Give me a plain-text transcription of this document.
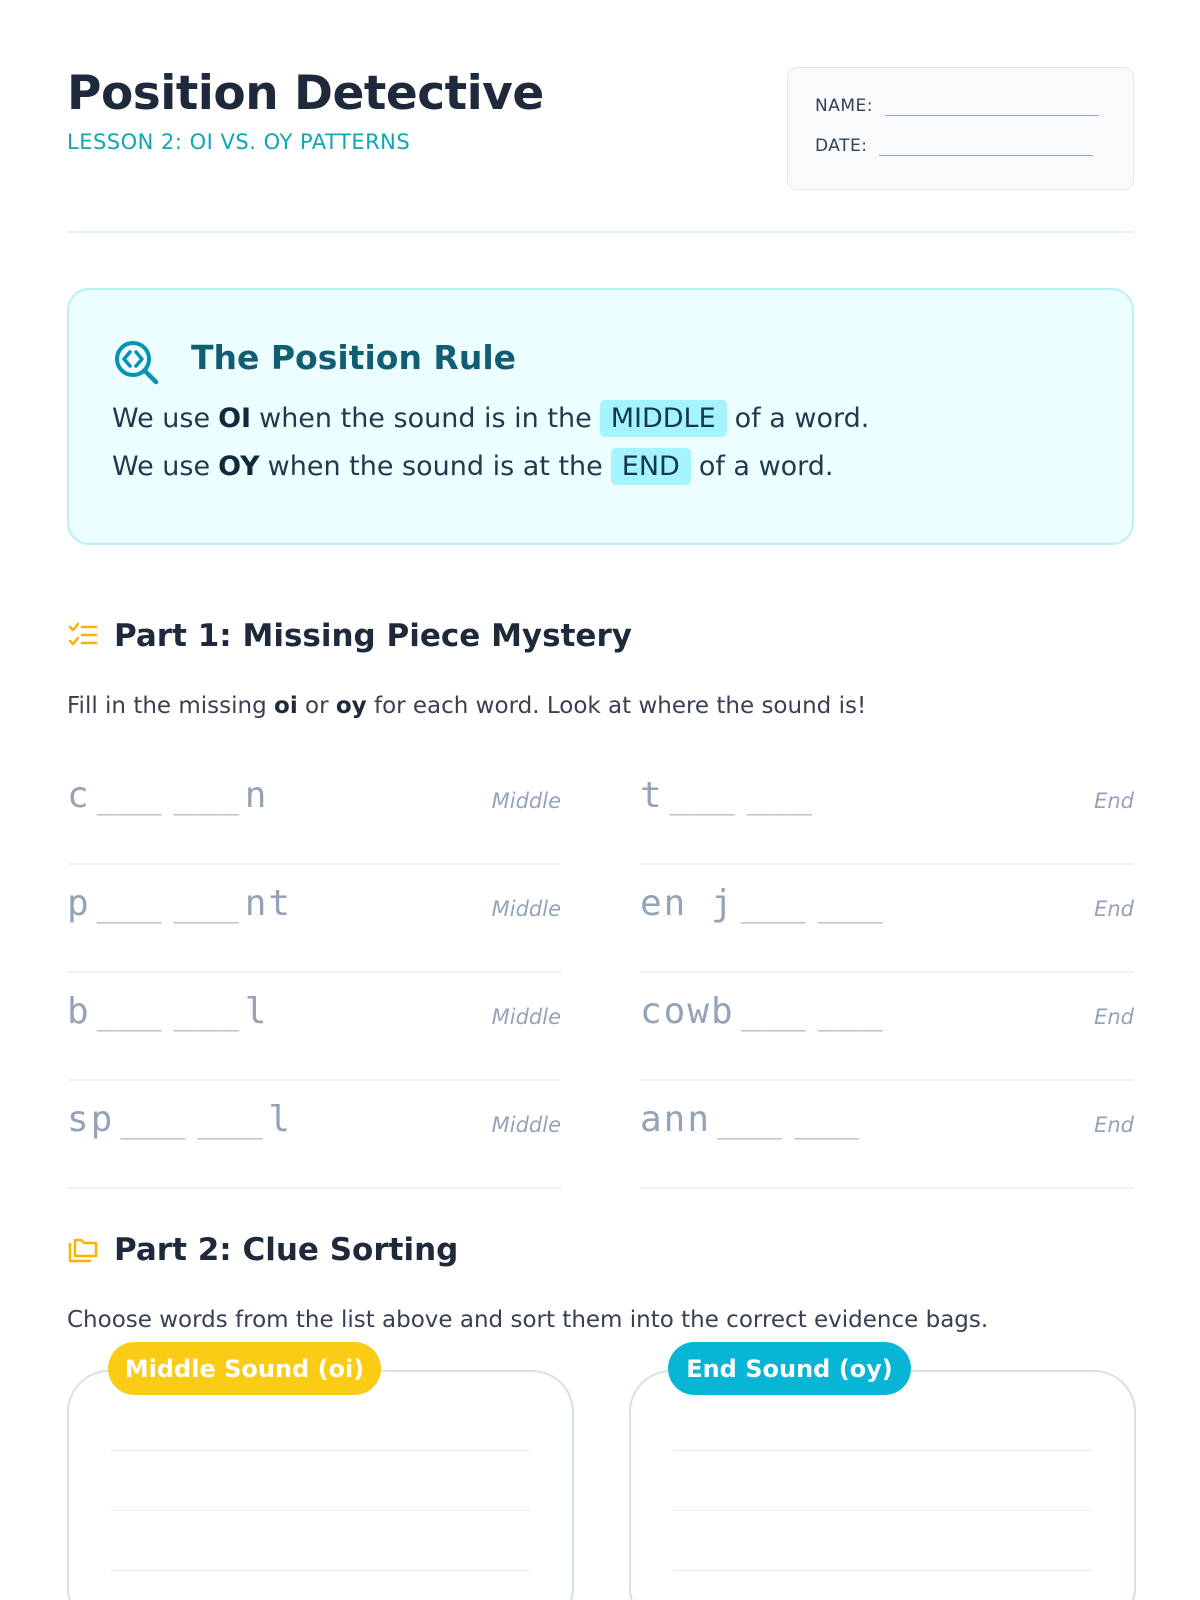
Position Detective
LESSON 2: OI VS. OY PATTERNS
NAME:
DATE:
The Position Rule
We use OI when the sound is in the MIDDLE of a word.
We use OY when the sound is at the END of a word.
Part 1: Missing Piece Mystery
Fill in the missing oi or oy for each word. Look at where the sound is!
c ___ ___ n	Middle
p ___ ___ nt	Middle
b ___ ___ l	Middle
sp ___ ___ l	Middle
t ___ ___	End
en j ___ ___	End
cowb ___ ___	End
ann ___ ___	End
Part 2: Clue Sorting
Choose words from the list above and sort them into the correct evidence bags.
Middle Sound (oi)	End Sound (oy)
